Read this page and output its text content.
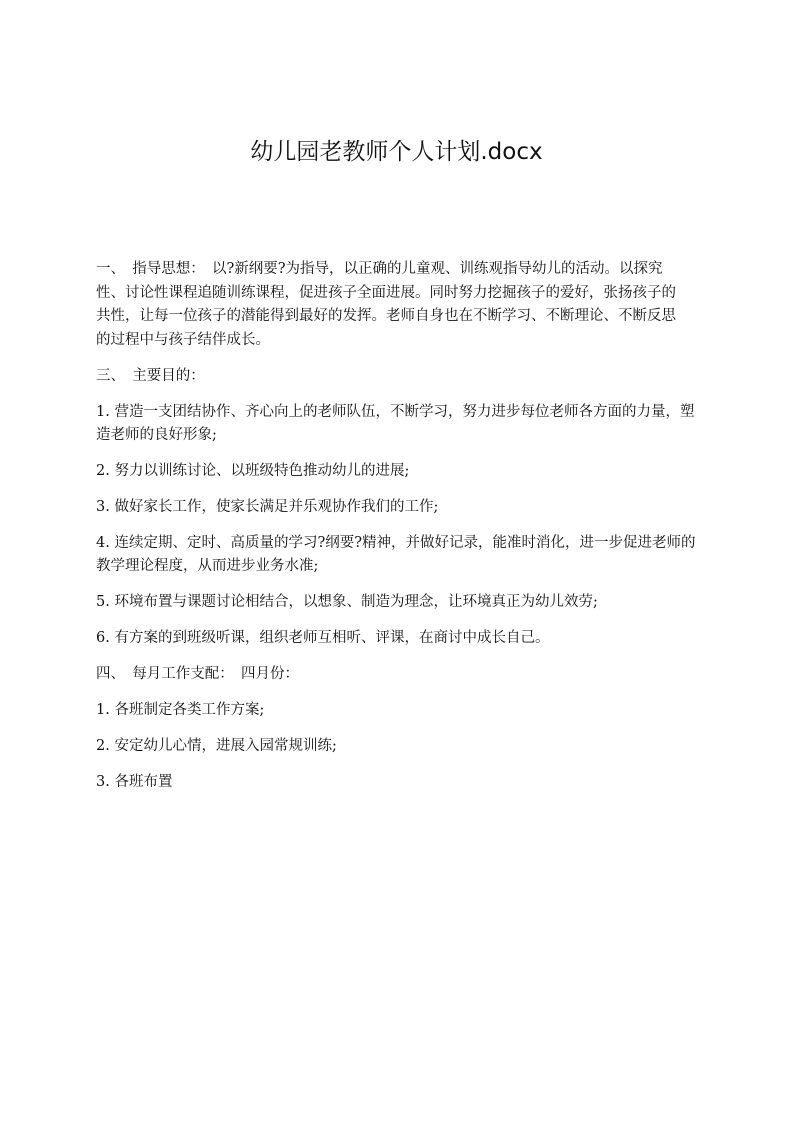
幼儿园老教师个人计划.docx

一、　指导思想：　以?新纲要?为指导，以正确的儿童观、训练观指导幼儿的活动。以探究性、讨论性课程追随训练课程，促进孩子全面进展。同时努力挖掘孩子的爱好，张扬孩子的共性，让每一位孩子的潜能得到最好的发挥。老师自身也在不断学习、不断理论、不断反思的过程中与孩子结伴成长。

三、　主要目的：

1. 营造一支团结协作、齐心向上的老师队伍，不断学习，努力进步每位老师各方面的力量，塑造老师的良好形象;

2. 努力以训练讨论、以班级特色推动幼儿的进展;

3. 做好家长工作，使家长满足并乐观协作我们的工作;

4. 连续定期、定时、高质量的学习?纲要?精神，并做好记录，能准时消化，进一步促进老师的教学理论程度，从而进步业务水准;

5. 环境布置与课题讨论相结合，以想象、制造为理念，让环境真正为幼儿效劳;

6. 有方案的到班级听课，组织老师互相听、评课，在商讨中成长自己。

四、　每月工作支配：　四月份：

1. 各班制定各类工作方案;

2. 安定幼儿心情，进展入园常规训练;

3. 各班布置
